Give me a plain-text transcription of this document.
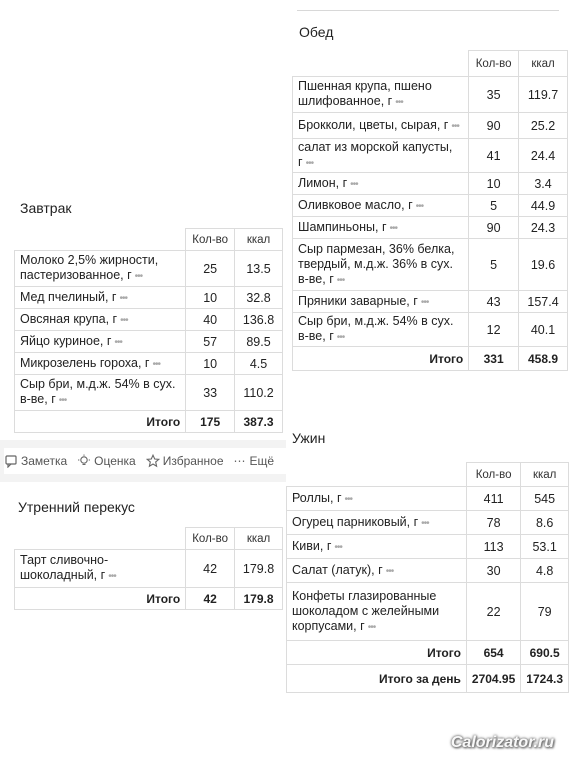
Обед
	Кол-во	ккал
Пшенная крупа, пшено шлифованное, г •••	35	119.7
Брокколи, цветы, сырая, г •••	90	25.2
салат из морской капусты, г •••	41	24.4
Лимон, г •••	10	3.4
Оливковое масло, г •••	5	44.9
Шампиньоны, г •••	90	24.3
Сыр пармезан, 36% белка, твердый, м.д.ж. 36% в сух. в-ве, г •••	5	19.6
Пряники заварные, г •••	43	157.4
Сыр бри, м.д.ж. 54% в сух. в-ве, г •••	12	40.1
Итого	331	458.9
Завтрак
	Кол-во	ккал
Молоко 2,5% жирности, пастеризованное, г •••	25	13.5
Мед пчелиный, г •••	10	32.8
Овсяная крупа, г •••	40	136.8
Яйцо куриное, г •••	57	89.5
Микрозелень гороха, г •••	10	4.5
Сыр бри, м.д.ж. 54% в сух. в-ве, г •••	33	110.2
Итого	175	387.3
Заметка Оценка Избранное ⋯ Ещё
Утренний перекус
	Кол-во	ккал
Тарт сливочно-шоколадный, г •••	42	179.8
Итого	42	179.8
Ужин
	Кол-во	ккал
Роллы, г •••	411	545
Огурец парниковый, г •••	78	8.6
Киви, г •••	113	53.1
Салат (латук), г •••	30	4.8
Конфеты глазированные шоколадом с желейными корпусами, г •••	22	79
Итого	654	690.5
Итого за день	2704.95	1724.3
Calorizator.ru
